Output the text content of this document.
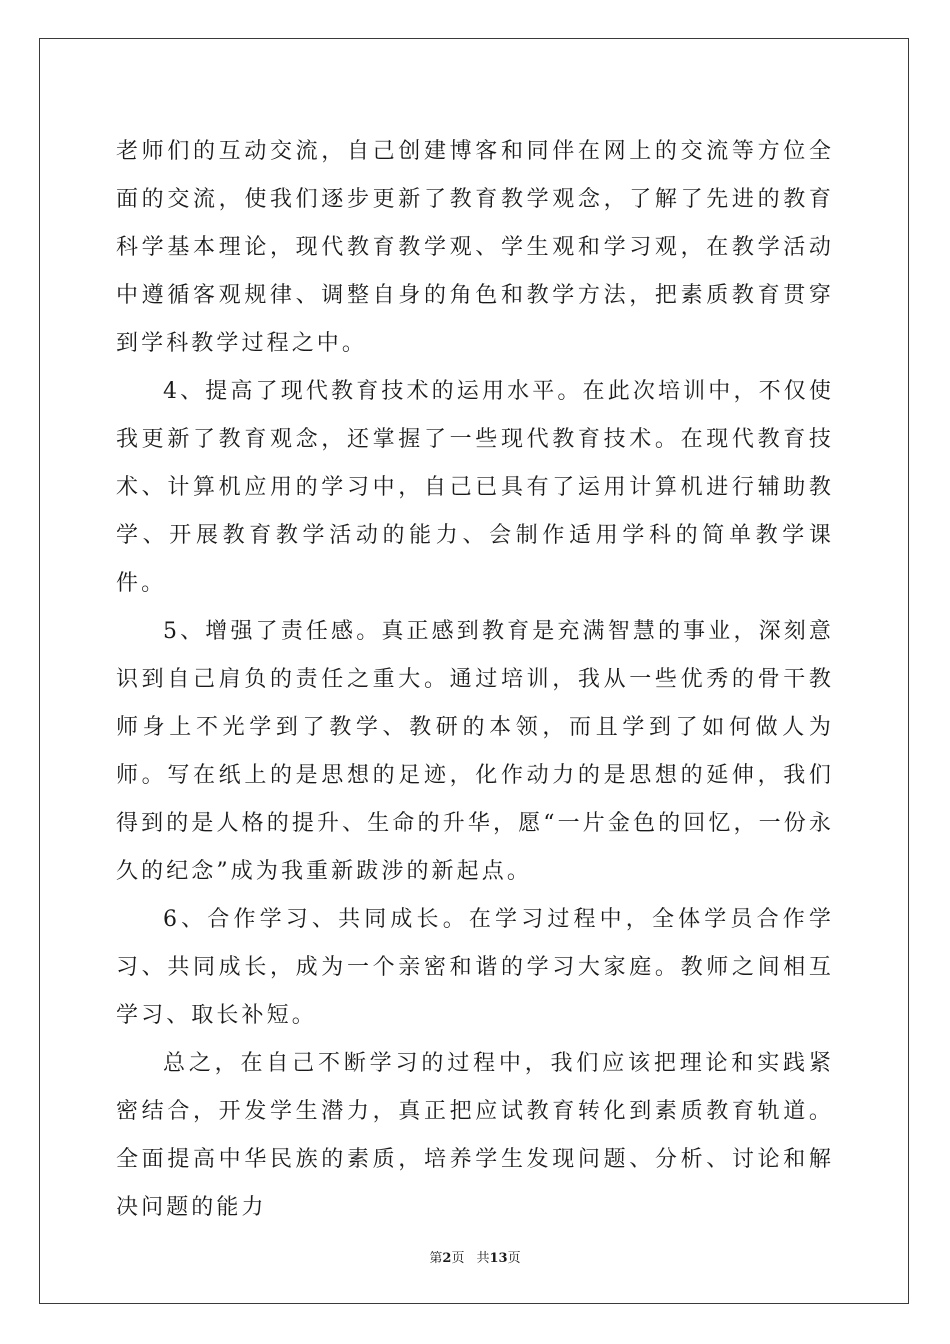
老师们的互动交流，自己创建博客和同伴在网上的交流等方位全面的交流，使我们逐步更新了教育教学观念，了解了先进的教育科学基本理论，现代教育教学观、学生观和学习观，在教学活动中遵循客观规律、调整自身的角色和教学方法，把素质教育贯穿到学科教学过程之中。

4、提高了现代教育技术的运用水平。在此次培训中，不仅使我更新了教育观念，还掌握了一些现代教育技术。在现代教育技术、计算机应用的学习中，自己已具有了运用计算机进行辅助教学、开展教育教学活动的能力、会制作适用学科的简单教学课件。

5、增强了责任感。真正感到教育是充满智慧的事业，深刻意识到自己肩负的责任之重大。通过培训，我从一些优秀的骨干教师身上不光学到了教学、教研的本领，而且学到了如何做人为师。写在纸上的是思想的足迹，化作动力的是思想的延伸，我们得到的是人格的提升、生命的升华，愿“一片金色的回忆，一份永久的纪念”成为我重新跋涉的新起点。

6、合作学习、共同成长。在学习过程中，全体学员合作学习、共同成长，成为一个亲密和谐的学习大家庭。教师之间相互学习、取长补短。

总之，在自己不断学习的过程中，我们应该把理论和实践紧密结合，开发学生潜力，真正把应试教育转化到素质教育轨道。全面提高中华民族的素质，培养学生发现问题、分析、讨论和解决问题的能力

第2页 共13页
